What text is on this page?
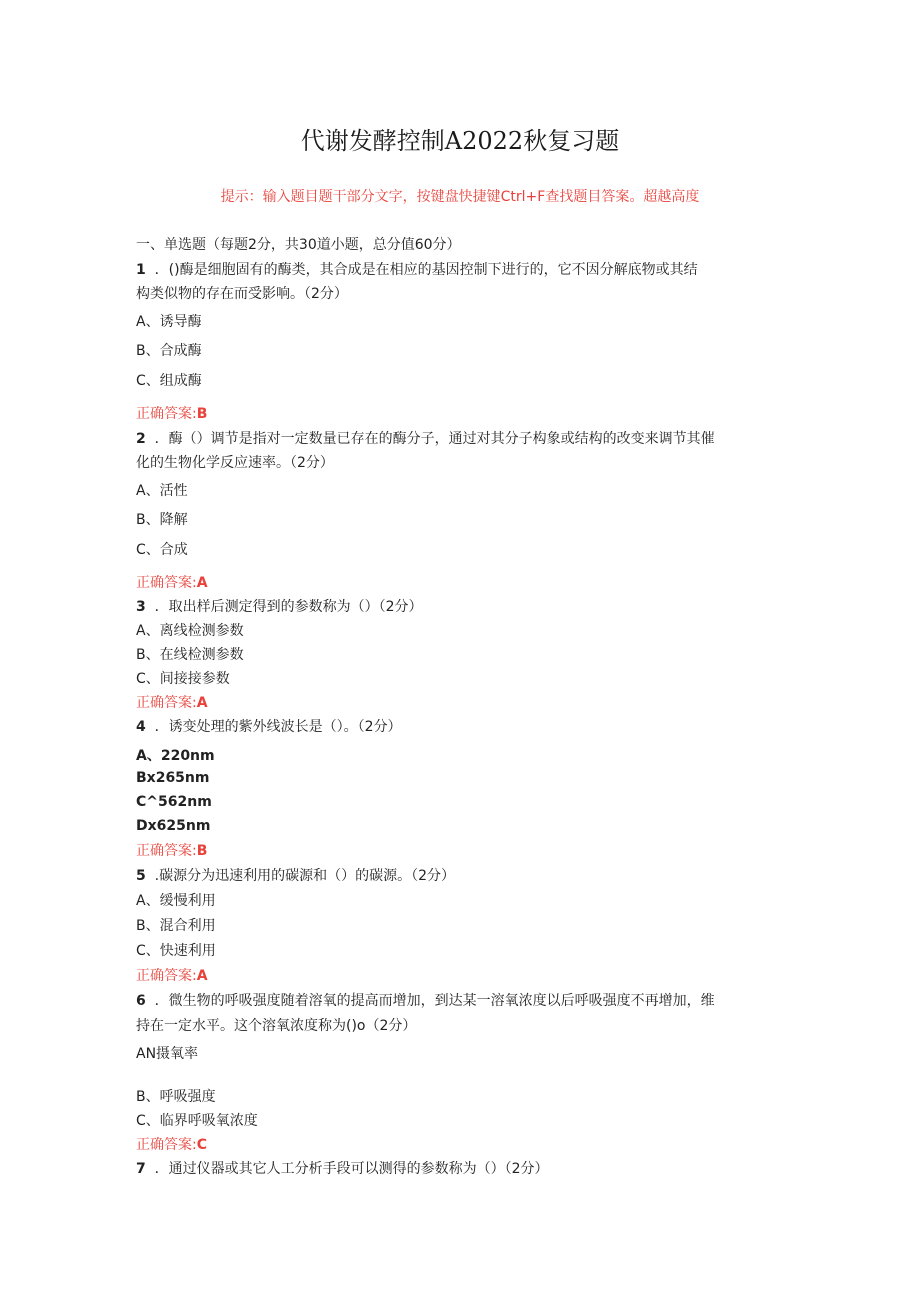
代谢发酵控制A2022秋复习题
提示：输入题目题干部分文字，按键盘快捷键Ctrl+F查找题目答案。超越高度
一、单选题（每题2分，共30道小题，总分值60分）
1 ．()酶是细胞固有的酶类，其合成是在相应的基因控制下进行的，它不因分解底物或其结
构类似物的存在而受影响。（2分）
A、诱导酶
B、合成酶
C、组成酶
正确答案:B
2 ．酶（）调节是指对一定数量已存在的酶分子，通过对其分子构象或结构的改变来调节其催
化的生物化学反应速率。（2分）
A、活性
B、降解
C、合成
正确答案:A
3 ．取出样后测定得到的参数称为（）（2分）
A、离线检测参数
B、在线检测参数
C、间接接参数
正确答案:A
4 ．诱变处理的紫外线波长是（）。（2分）
A、220nm
Bx265nm
C^562nm
Dx625nm
正确答案:B
5 .碳源分为迅速利用的碳源和（）的碳源。（2分）
A、缓慢利用
B、混合利用
C、快速利用
正确答案:A
6 ．微生物的呼吸强度随着溶氧的提高而增加，到达某一溶氧浓度以后呼吸强度不再增加，维
持在一定水平。这个溶氧浓度称为()o（2分）
AN摄氧率
B、呼吸强度
C、临界呼吸氧浓度
正确答案:C
7 ．通过仪器或其它人工分析手段可以测得的参数称为（）（2分）
